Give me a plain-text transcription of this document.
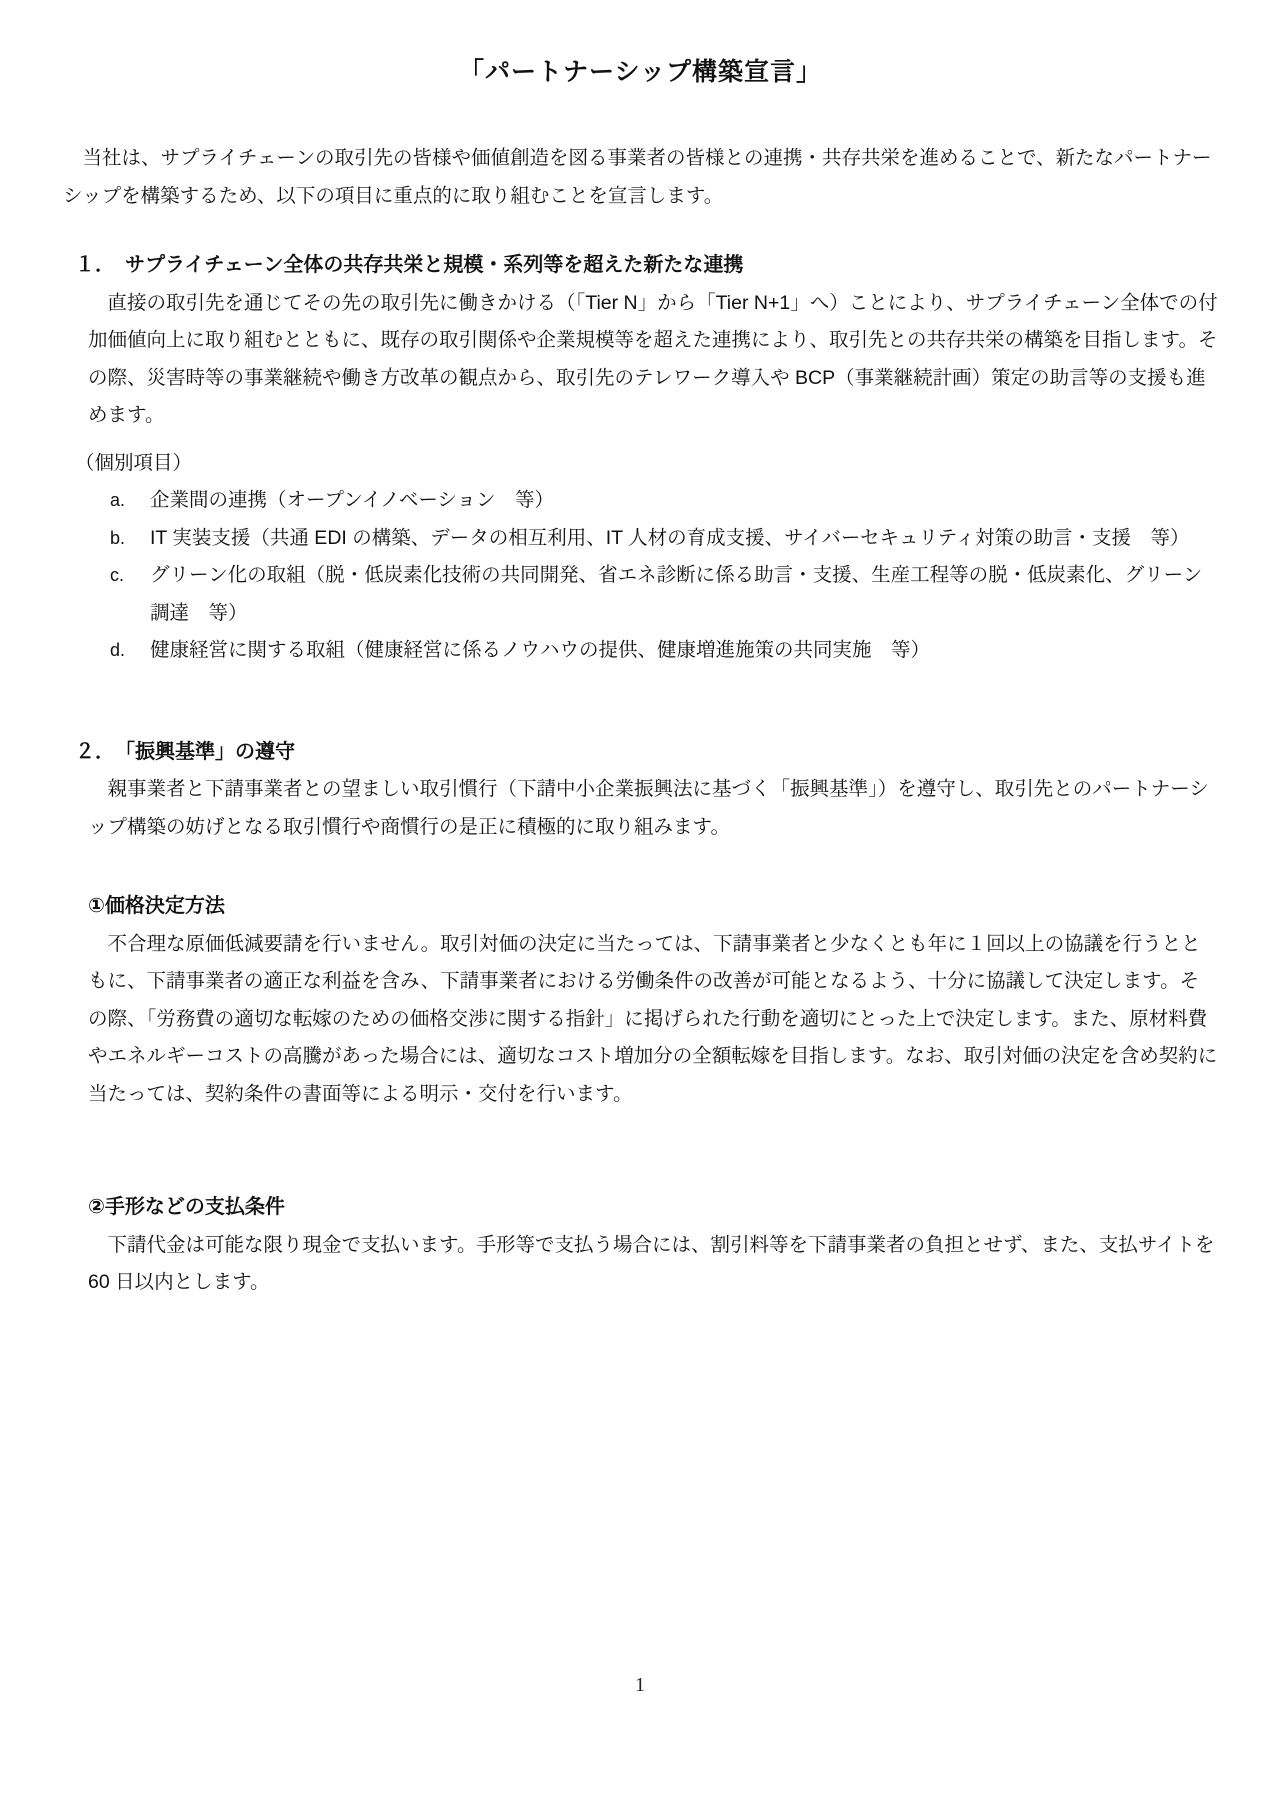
「パートナーシップ構築宣言」

当社は、サプライチェーンの取引先の皆様や価値創造を図る事業者の皆様との連携・共存共栄を進めることで、新たなパートナーシップを構築するため、以下の項目に重点的に取り組むことを宣言します。

１．　サプライチェーン全体の共存共栄と規模・系列等を超えた新たな連携

直接の取引先を通じてその先の取引先に働きかける（「Tier N」から「Tier N+1」へ）ことにより、サプライチェーン全体での付加価値向上に取り組むとともに、既存の取引関係や企業規模等を超えた連携により、取引先との共存共栄の構築を目指します。その際、災害時等の事業継続や働き方改革の観点から、取引先のテレワーク導入や BCP（事業継続計画）策定の助言等の支援も進めます。

（個別項目）

a.	企業間の連携（オープンイノベーション　等）
b.	IT 実装支援（共通 EDI の構築、データの相互利用、IT 人材の育成支援、サイバーセキュリティ対策の助言・支援　等）
c.	グリーン化の取組（脱・低炭素化技術の共同開発、省エネ診断に係る助言・支援、生産工程等の脱・低炭素化、グリーン調達　等）
d.	健康経営に関する取組（健康経営に係るノウハウの提供、健康増進施策の共同実施　等）
２．　「振興基準」の遵守

親事業者と下請事業者との望ましい取引慣行（下請中小企業振興法に基づく「振興基準」）を遵守し、取引先とのパートナーシップ構築の妨げとなる取引慣行や商慣行の是正に積極的に取り組みます。

①価格決定方法

不合理な原価低減要請を行いません。取引対価の決定に当たっては、下請事業者と少なくとも年に１回以上の協議を行うとともに、下請事業者の適正な利益を含み、下請事業者における労働条件の改善が可能となるよう、十分に協議して決定します。その際、「労務費の適切な転嫁のための価格交渉に関する指針」に掲げられた行動を適切にとった上で決定します。また、原材料費やエネルギーコストの高騰があった場合には、適切なコスト増加分の全額転嫁を目指します。なお、取引対価の決定を含め契約に当たっては、契約条件の書面等による明示・交付を行います。

②手形などの支払条件

下請代金は可能な限り現金で支払います。手形等で支払う場合には、割引料等を下請事業者の負担とせず、また、支払サイトを 60 日以内とします。

1
